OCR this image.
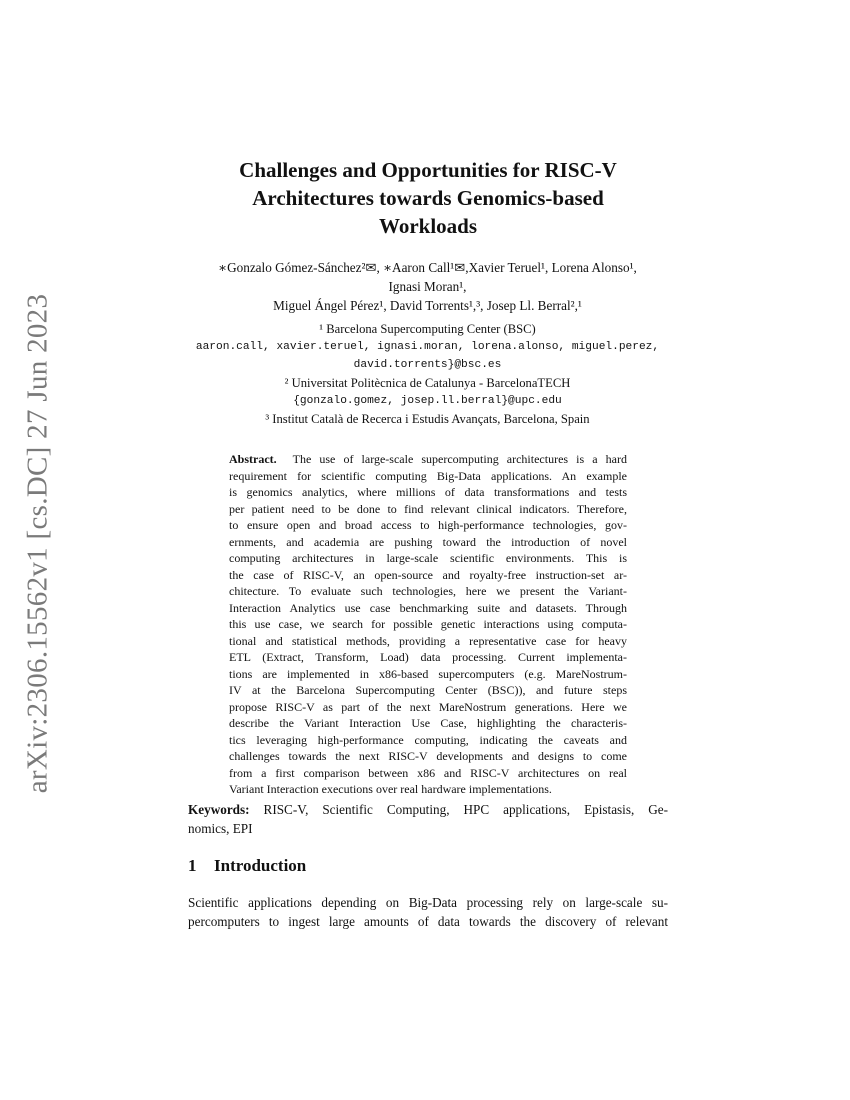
arXiv:2306.15562v1 [cs.DC] 27 Jun 2023
Challenges and Opportunities for RISC-V
Architectures towards Genomics-based
Workloads
∗Gonzalo Gómez-Sánchez²✉, ∗Aaron Call¹✉,Xavier Teruel¹, Lorena Alonso¹,
Ignasi Moran¹,
Miguel Ángel Pérez¹, David Torrents¹,³, Josep Ll. Berral²,¹
¹ Barcelona Supercomputing Center (BSC)
aaron.call, xavier.teruel, ignasi.moran, lorena.alonso, miguel.perez,
david.torrents}@bsc.es
² Universitat Politècnica de Catalunya - BarcelonaTECH
{gonzalo.gomez, josep.ll.berral}@upc.edu
³ Institut Català de Recerca i Estudis Avançats, Barcelona, Spain
Abstract. The use of large-scale supercomputing architectures is a hard
requirement for scientific computing Big-Data applications. An example
is genomics analytics, where millions of data transformations and tests
per patient need to be done to find relevant clinical indicators. Therefore,
to ensure open and broad access to high-performance technologies, gov-
ernments, and academia are pushing toward the introduction of novel
computing architectures in large-scale scientific environments. This is
the case of RISC-V, an open-source and royalty-free instruction-set ar-
chitecture. To evaluate such technologies, here we present the Variant-
Interaction Analytics use case benchmarking suite and datasets. Through
this use case, we search for possible genetic interactions using computa-
tional and statistical methods, providing a representative case for heavy
ETL (Extract, Transform, Load) data processing. Current implementa-
tions are implemented in x86-based supercomputers (e.g. MareNostrum-
IV at the Barcelona Supercomputing Center (BSC)), and future steps
propose RISC-V as part of the next MareNostrum generations. Here we
describe the Variant Interaction Use Case, highlighting the characteris-
tics leveraging high-performance computing, indicating the caveats and
challenges towards the next RISC-V developments and designs to come
from a first comparison between x86 and RISC-V architectures on real
Variant Interaction executions over real hardware implementations.
Keywords: RISC-V, Scientific Computing, HPC applications, Epistasis, Ge-
nomics, EPI
1 Introduction
Scientific applications depending on Big-Data processing rely on large-scale su-
percomputers to ingest large amounts of data towards the discovery of relevant
